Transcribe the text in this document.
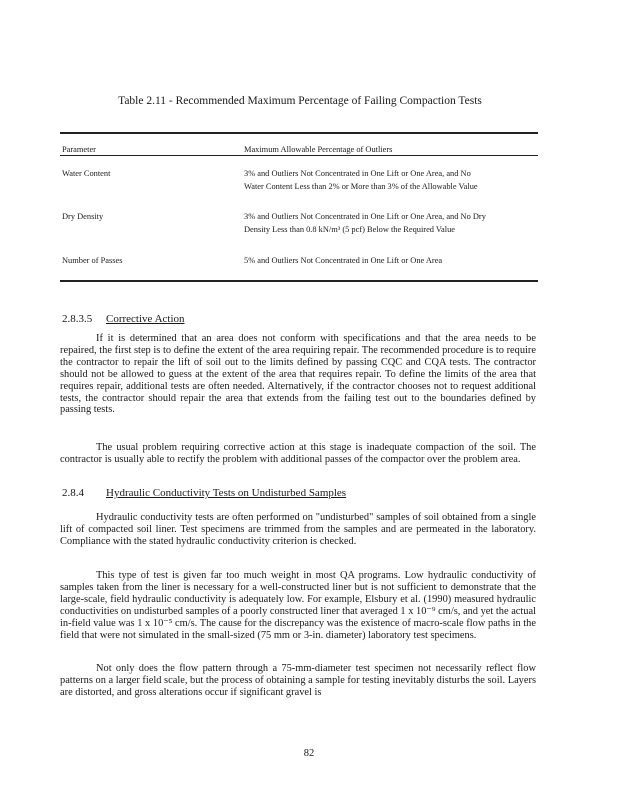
Table 2.11 - Recommended Maximum Percentage of Failing Compaction Tests
Parameter	Maximum Allowable Percentage of Outliers
Water Content	3% and Outliers Not Concentrated in One Lift or One Area, and No Water Content Less than 2% or More than 3% of the Allowable Value
Dry Density	3% and Outliers Not Concentrated in One Lift or One Area, and No Dry Density Less than 0.8 kN/m³ (5 pcf) Below the Required Value
Number of Passes	5% and Outliers Not Concentrated in One Lift or One Area
2.8.3.5 Corrective Action

If it is determined that an area does not conform with specifications and that the area needs to be repaired, the first step is to define the extent of the area requiring repair. The recommended procedure is to require the contractor to repair the lift of soil out to the limits defined by passing CQC and CQA tests. The contractor should not be allowed to guess at the extent of the area that requires repair. To define the limits of the area that requires repair, additional tests are often needed. Alternatively, if the contractor chooses not to request additional tests, the contractor should repair the area that extends from the failing test out to the boundaries defined by passing tests.

The usual problem requiring corrective action at this stage is inadequate compaction of the soil. The contractor is usually able to rectify the problem with additional passes of the compactor over the problem area.

2.8.4 Hydraulic Conductivity Tests on Undisturbed Samples

Hydraulic conductivity tests are often performed on "undisturbed" samples of soil obtained from a single lift of compacted soil liner. Test specimens are trimmed from the samples and are permeated in the laboratory. Compliance with the stated hydraulic conductivity criterion is checked.

This type of test is given far too much weight in most QA programs. Low hydraulic conductivity of samples taken from the liner is necessary for a well-constructed liner but is not sufficient to demonstrate that the large-scale, field hydraulic conductivity is adequately low. For example, Elsbury et al. (1990) measured hydraulic conductivities on undisturbed samples of a poorly constructed liner that averaged 1 x 10⁻⁹ cm/s, and yet the actual in-field value was 1 x 10⁻⁵ cm/s. The cause for the discrepancy was the existence of macro-scale flow paths in the field that were not simulated in the small-sized (75 mm or 3-in. diameter) laboratory test specimens.

Not only does the flow pattern through a 75-mm-diameter test specimen not necessarily reflect flow patterns on a larger field scale, but the process of obtaining a sample for testing inevitably disturbs the soil. Layers are distorted, and gross alterations occur if significant gravel is

82
